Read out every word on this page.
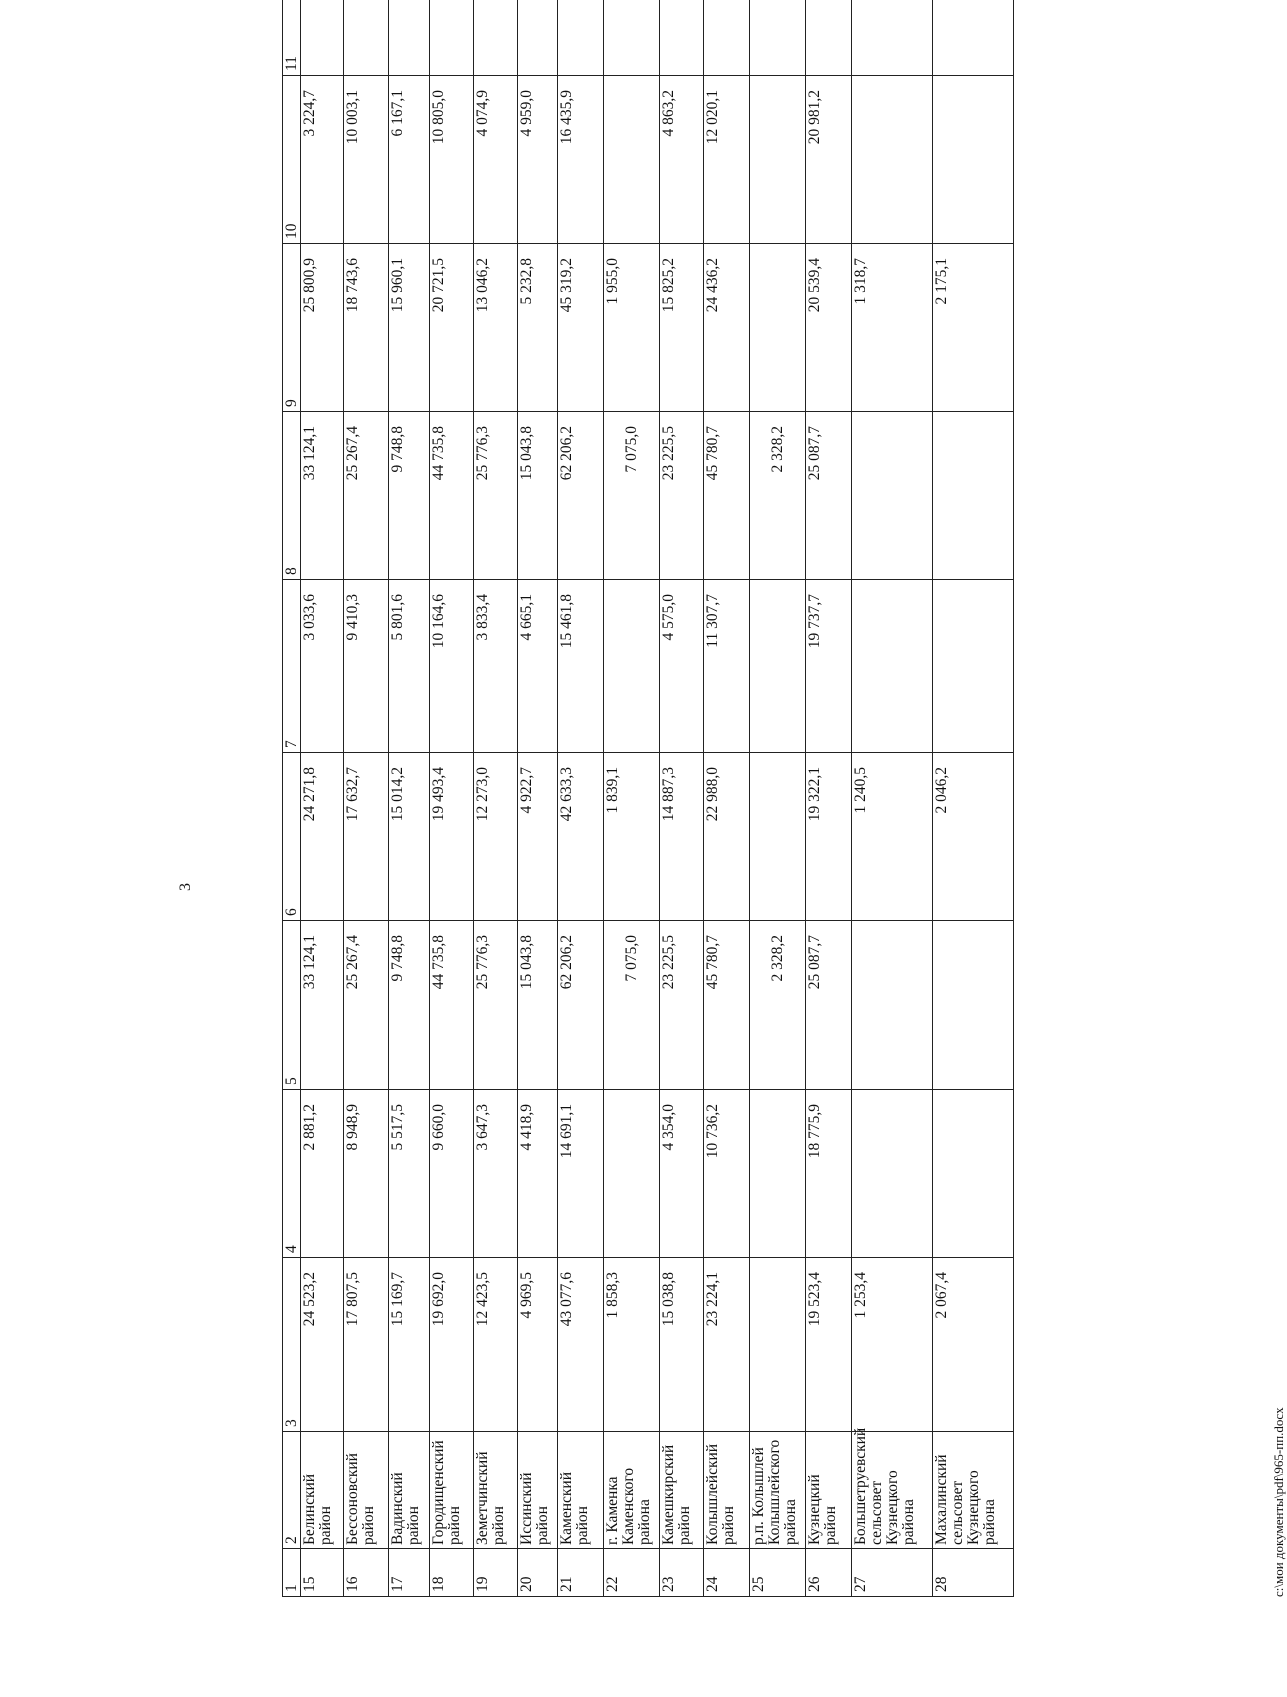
3
1	2	3	4	5	6	7	8	9	10	11
15	Белинский район	24 523,2	2 881,2	33 124,1	24 271,8	3 033,6	33 124,1	25 800,9	3 224,7	
16	Бессоновский район	17 807,5	8 948,9	25 267,4	17 632,7	9 410,3	25 267,4	18 743,6	10 003,1	
17	Вадинский район	15 169,7	5 517,5	9 748,8	15 014,2	5 801,6	9 748,8	15 960,1	6 167,1	
18	Городищенский район	19 692,0	9 660,0	44 735,8	19 493,4	10 164,6	44 735,8	20 721,5	10 805,0	
19	Земетчинский район	12 423,5	3 647,3	25 776,3	12 273,0	3 833,4	25 776,3	13 046,2	4 074,9	
20	Иссинский район	4 969,5	4 418,9	15 043,8	4 922,7	4 665,1	15 043,8	5 232,8	4 959,0	
21	Каменский район	43 077,6	14 691,1	62 206,2	42 633,3	15 461,8	62 206,2	45 319,2	16 435,9	
22	г. Каменка Каменского района	1 858,3		7 075,0	1 839,1		7 075,0	1 955,0		
23	Камешкирский район	15 038,8	4 354,0	23 225,5	14 887,3	4 575,0	23 225,5	15 825,2	4 863,2	
24	Колышлейский район	23 224,1	10 736,2	45 780,7	22 988,0	11 307,7	45 780,7	24 436,2	12 020,1	
25	р.п. Колышлей Колышлейского района			2 328,2			2 328,2			
26	Кузнецкий район	19 523,4	18 775,9	25 087,7	19 322,1	19 737,7	25 087,7	20 539,4	20 981,2	
27	Большетруевский сельсовет Кузнецкого района	1 253,4			1 240,5			1 318,7		
28	Махалинский сельсовет Кузнецкого района	2 067,4			2 046,2			2 175,1		
c:\мои документы\pdf\965-пп.docx
